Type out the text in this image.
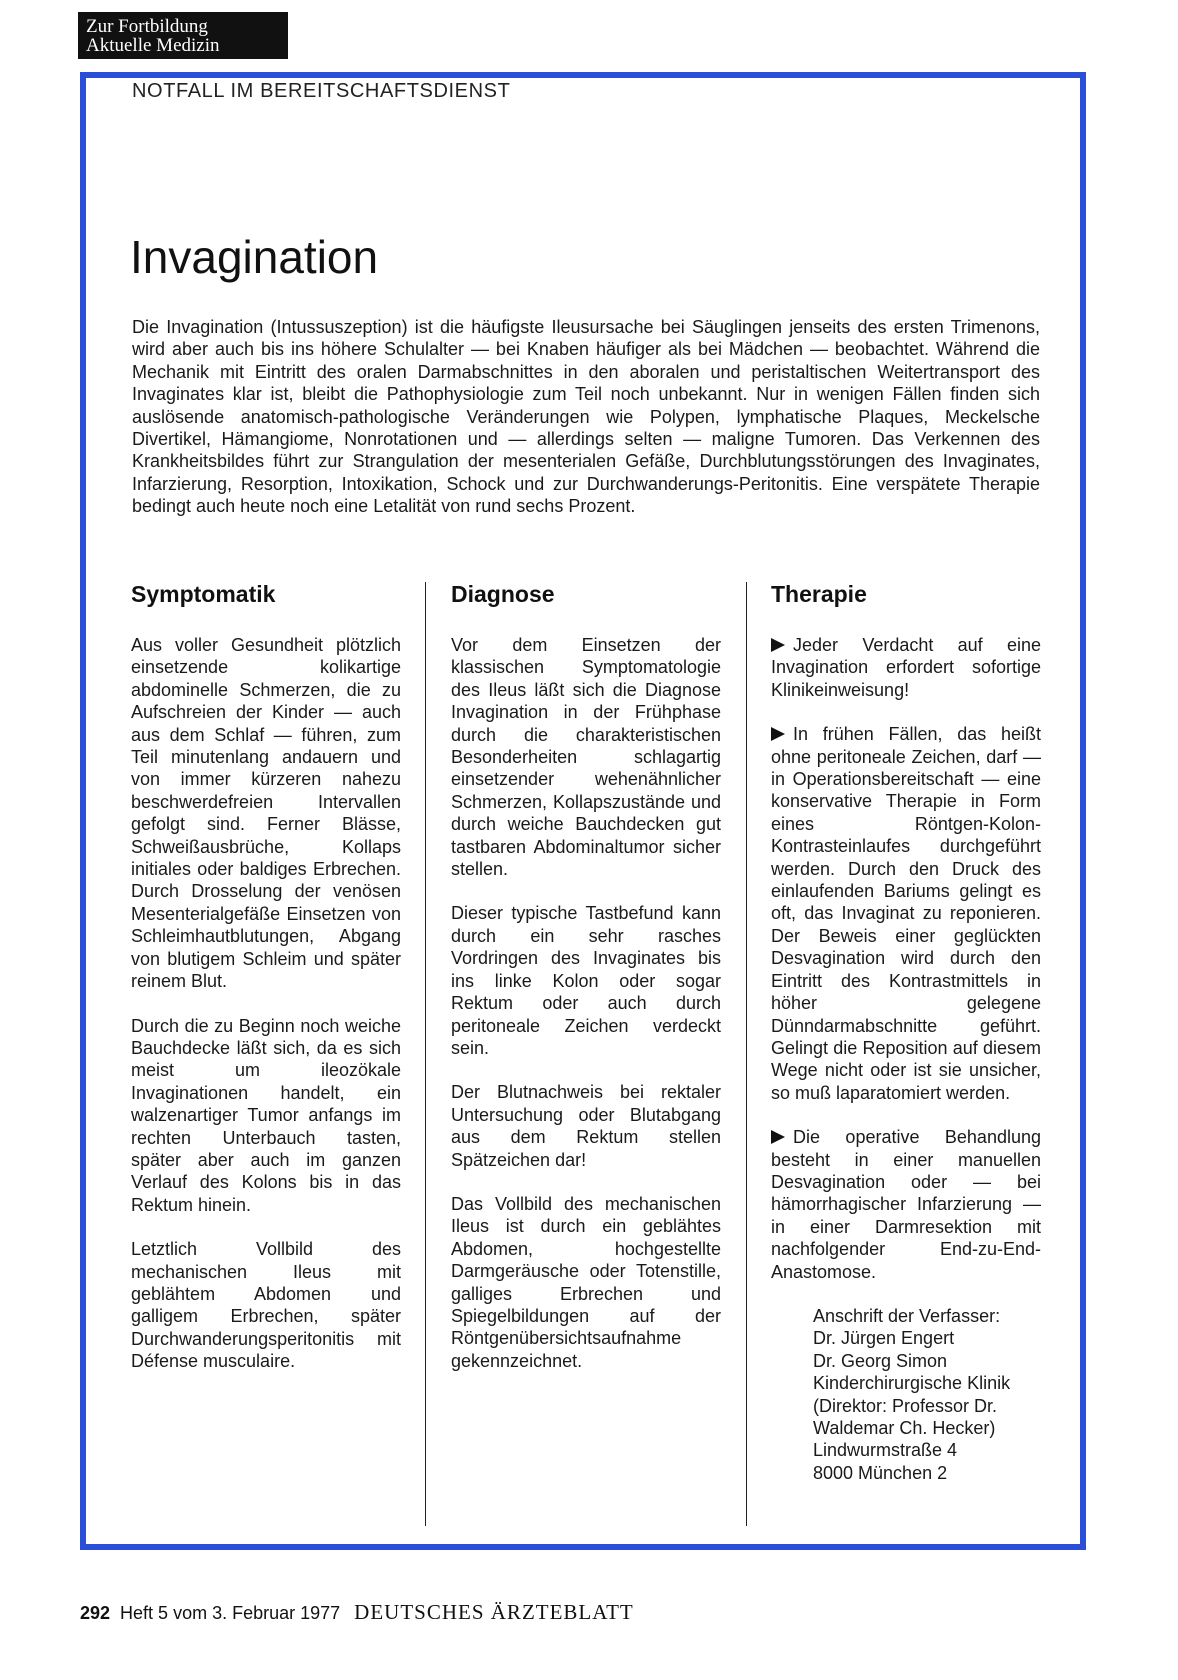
Zur Fortbildung
Aktuelle Medizin
NOTFALL IM BEREITSCHAFTSDIENST
Invagination

Die Invagination (Intussuszeption) ist die häufigste Ileusursache bei Säuglingen jenseits des ersten Trimenons, wird aber auch bis ins höhere Schulalter — bei Knaben häufiger als bei Mädchen — beobachtet. Während die Mechanik mit Eintritt des oralen Darmabschnittes in den aboralen und peristaltischen Weitertransport des Invaginates klar ist, bleibt die Pathophysiologie zum Teil noch unbekannt. Nur in wenigen Fällen finden sich auslösende anatomisch-pathologische Veränderungen wie Polypen, lymphatische Plaques, Meckelsche Divertikel, Hämangiome, Nonrotationen und — allerdings selten — maligne Tumoren. Das Verkennen des Krankheitsbildes führt zur Strangulation der mesenterialen Gefäße, Durchblutungsstörungen des Invaginates, Infarzierung, Resorption, Intoxikation, Schock und zur Durchwanderungs-Peritonitis. Eine verspätete Therapie bedingt auch heute noch eine Letalität von rund sechs Prozent.

Symptomatik

Aus voller Gesundheit plötzlich einsetzende kolikartige abdominelle Schmerzen, die zu Aufschreien der Kinder — auch aus dem Schlaf — führen, zum Teil minutenlang andauern und von immer kürzeren nahezu beschwerdefreien Intervallen gefolgt sind. Ferner Blässe, Schweißausbrüche, Kollaps initiales oder baldiges Erbrechen. Durch Drosselung der venösen Mesenterialgefäße Einsetzen von Schleimhautblutungen, Abgang von blutigem Schleim und später reinem Blut.

Durch die zu Beginn noch weiche Bauchdecke läßt sich, da es sich meist um ileozökale Invaginationen handelt, ein walzenartiger Tumor anfangs im rechten Unterbauch tasten, später aber auch im ganzen Verlauf des Kolons bis in das Rektum hinein.

Letztlich Vollbild des mechanischen Ileus mit geblähtem Abdomen und galligem Erbrechen, später Durchwanderungsperitonitis mit Défense musculaire.

Diagnose

Vor dem Einsetzen der klassischen Symptomatologie des Ileus läßt sich die Diagnose Invagination in der Frühphase durch die charakteristischen Besonderheiten schlagartig einsetzender wehenähnlicher Schmerzen, Kollapszustände und durch weiche Bauchdecken gut tastbaren Abdominaltumor sicher stellen.

Dieser typische Tastbefund kann durch ein sehr rasches Vordringen des Invaginates bis ins linke Kolon oder sogar Rektum oder auch durch peritoneale Zeichen verdeckt sein.

Der Blutnachweis bei rektaler Untersuchung oder Blutabgang aus dem Rektum stellen Spätzeichen dar!

Das Vollbild des mechanischen Ileus ist durch ein geblähtes Abdomen, hochgestellte Darmgeräusche oder Totenstille, galliges Erbrechen und Spiegelbildungen auf der Röntgenübersichtsaufnahme gekennzeichnet.

Therapie

Jeder Verdacht auf eine Invagination erfordert sofortige Klinikeinweisung!

In frühen Fällen, das heißt ohne peritoneale Zeichen, darf — in Operationsbereitschaft — eine konservative Therapie in Form eines Röntgen-Kolon-Kontrasteinlaufes durchgeführt werden. Durch den Druck des einlaufenden Bariums gelingt es oft, das Invaginat zu reponieren. Der Beweis einer geglückten Desvagination wird durch den Eintritt des Kontrastmittels in höher gelegene Dünndarmabschnitte geführt. Gelingt die Reposition auf diesem Wege nicht oder ist sie unsicher, so muß laparatomiert werden.

Die operative Behandlung besteht in einer manuellen Desvagination oder — bei hämorrhagischer Infarzierung — in einer Darmresektion mit nachfolgender End-zu-End-Anastomose.

Anschrift der Verfasser:
Dr. Jürgen Engert
Dr. Georg Simon
Kinderchirurgische Klinik
(Direktor: Professor Dr.
Waldemar Ch. Hecker)
Lindwurmstraße 4
8000 München 2
292 Heft 5 vom 3. Februar 1977 DEUTSCHES ÄRZTEBLATT
